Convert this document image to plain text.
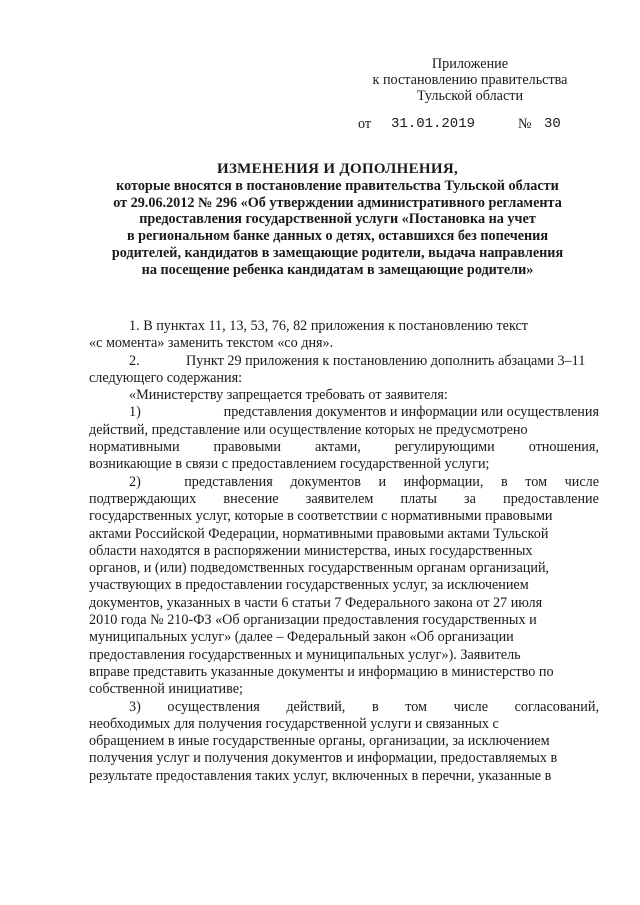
Приложение
к постановлению правительства
Тульской области
от 31.01.2019	№ 30
ИЗМЕНЕНИЯ И ДОПОЛНЕНИЯ,
которые вносятся в постановление правительства Тульской области
от 29.06.2012 № 296 «Об утверждении административного регламента
предоставления государственной услуги «Постановка на учет
в региональном банке данных о детях, оставшихся без попечения
родителей, кандидатов в замещающие родители, выдача направления
на посещение ребенка кандидатам в замещающие родители»
1. В пунктах 11, 13, 53, 76, 82 приложения к постановлению текст
«с момента» заменить текстом «со дня».
2.	Пункт 29 приложения к постановлению дополнить абзацами 3–11
следующего содержания:
«Министерству запрещается требовать от заявителя:
1)	представления документов и информации или осуществления
действий, представление или осуществление которых не предусмотрено
нормативными правовыми актами, регулирующими отношения,
возникающие в связи с предоставлением государственной услуги;
2)	представления документов и информации, в том числе
подтверждающих внесение заявителем платы за предоставление
государственных услуг, которые в соответствии с нормативными правовыми
актами Российской Федерации, нормативными правовыми актами Тульской
области находятся в распоряжении министерства, иных государственных
органов, и (или) подведомственных государственным органам организаций,
участвующих в предоставлении государственных услуг, за исключением
документов, указанных в части 6 статьи 7 Федерального закона от 27 июля
2010 года № 210-ФЗ «Об организации предоставления государственных и
муниципальных услуг» (далее – Федеральный закон «Об организации
предоставления государственных и муниципальных услуг»). Заявитель
вправе представить указанные документы и информацию в министерство по
собственной инициативе;
3) осуществления действий, в том числе согласований,
необходимых для получения государственной услуги и связанных с
обращением в иные государственные органы, организации, за исключением
получения услуг и получения документов и информации, предоставляемых в
результате предоставления таких услуг, включенных в перечни, указанные в
